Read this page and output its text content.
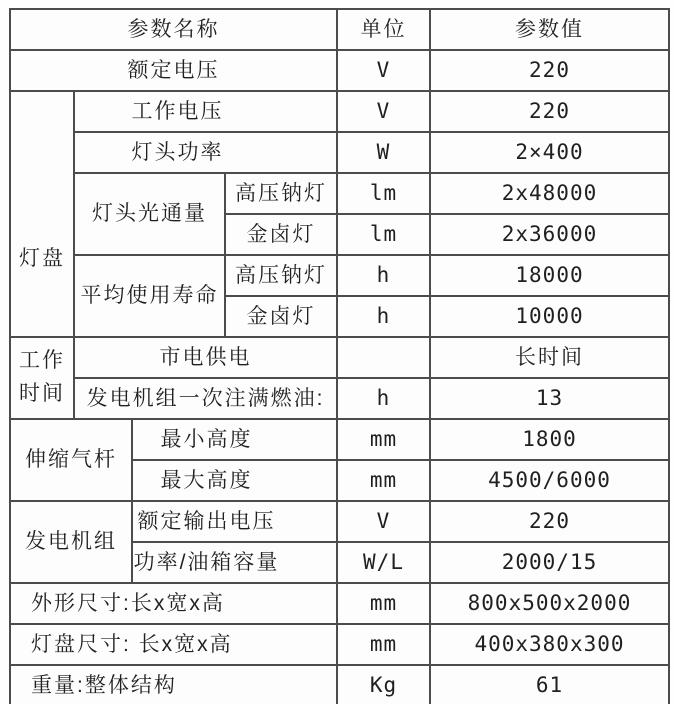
参数名称				单位	参数值
额定电压				V	220
灯盘	工作电压			V	220
	灯头功率			W	2×400
	灯头光通量		高压钠灯	lm	2x48000
			金卤灯	lm	2x36000
	平均使用寿命		高压钠灯	h	18000
			金卤灯	h	10000
工作时间	市电供电				长时间
	发电机组一次注满燃油:			h	13
伸缩气杆		最小高度		mm	1800
		最大高度		mm	4500/6000
发电机组		额定输出电压		V	220
		功率/油箱容量		W/L	2000/15
外形尺寸:长x宽x高				mm	800x500x2000
灯盘尺寸: 长x宽x高				mm	400x380x300
重量:整体结构				Kg	61
